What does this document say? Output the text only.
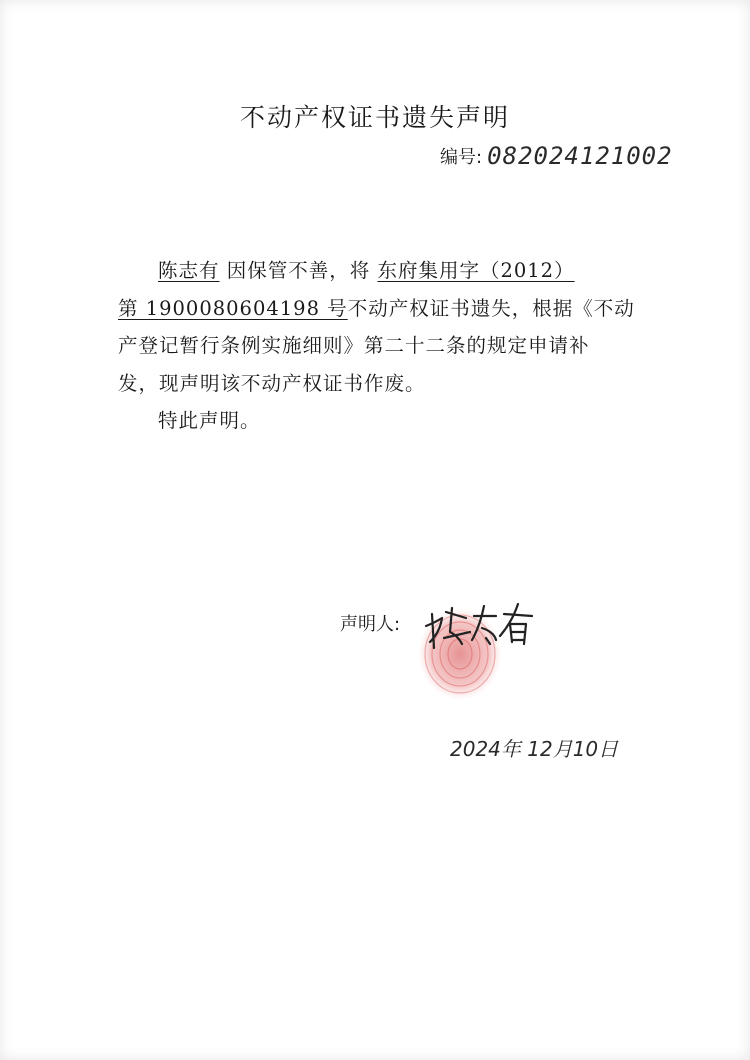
不动产权证书遗失声明
编号: 082024121002
陈志有 因保管不善，将 东府集用字（2012）
第 1900080604198 号不动产权证书遗失，根据《不动
产登记暂行条例实施细则》第二十二条的规定申请补
发，现声明该不动产权证书作废。
特此声明。
声明人:
2024年 12月10日
